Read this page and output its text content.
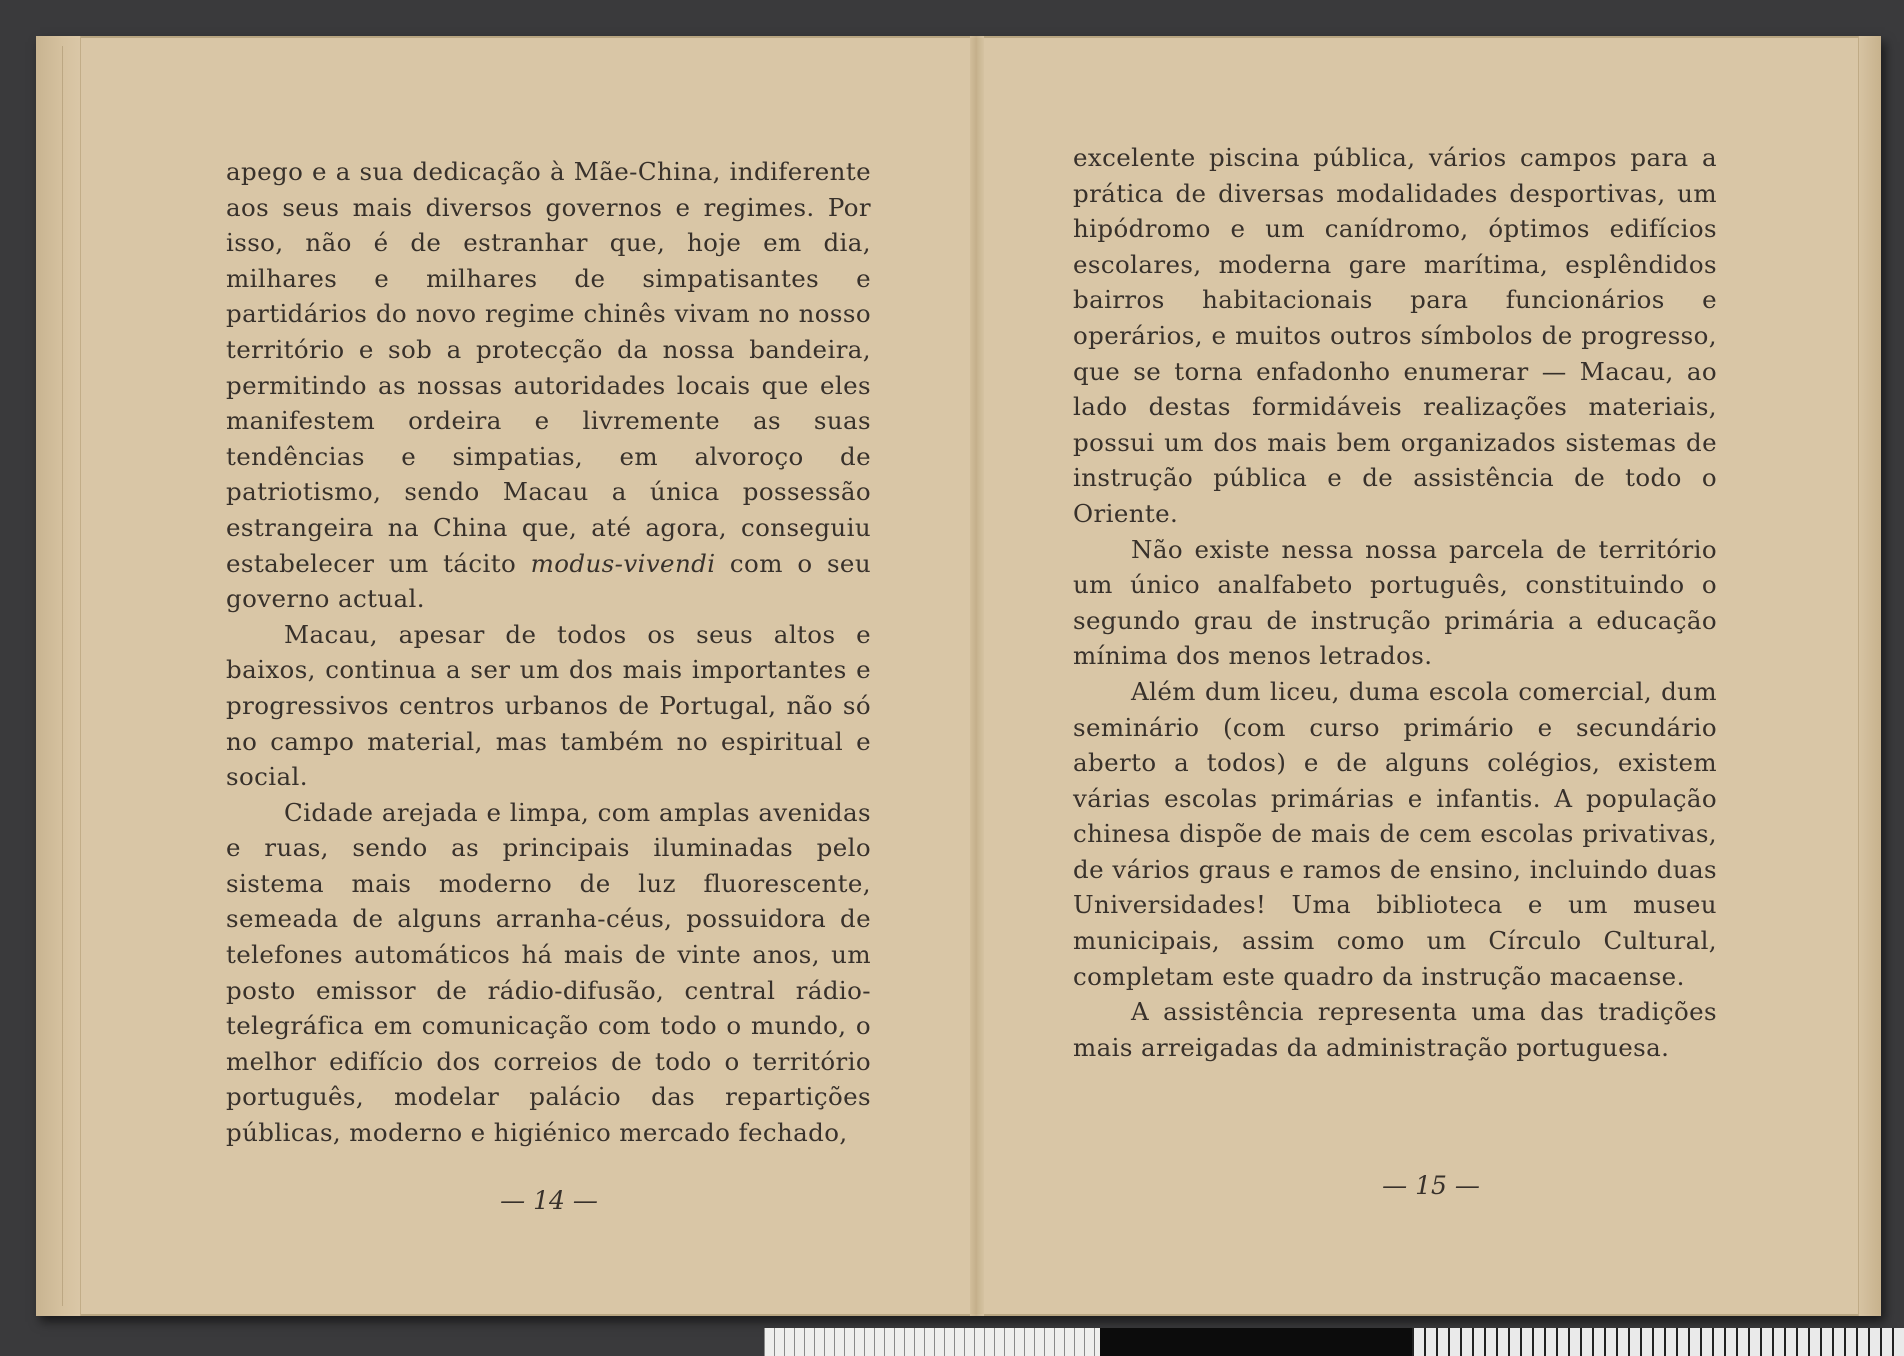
apego e a sua dedicação à Mãe-China, indiferente aos seus mais diversos governos e regimes. Por isso, não é de estranhar que, hoje em dia, milhares e milhares de simpatisantes e partidários do novo regime chinês vivam no nosso território e sob a protecção da nossa bandeira, permitindo as nossas autoridades locais que eles manifestem ordeira e livremente as suas tendências e simpatias, em alvoroço de patriotismo, sendo Macau a única possessão estrangeira na China que, até agora, conseguiu estabelecer um tácito modus-vivendi com o seu governo actual.

Macau, apesar de todos os seus altos e baixos, continua a ser um dos mais importantes e progressivos centros urbanos de Portugal, não só no campo material, mas também no espiritual e social.

Cidade arejada e limpa, com amplas avenidas e ruas, sendo as principais iluminadas pelo sistema mais moderno de luz fluorescente, semeada de alguns arranha-céus, possuidora de telefones automáticos há mais de vinte anos, um posto emissor de rádio-difusão, central rádio-telegráfica em comunicação com todo o mundo, o melhor edifício dos correios de todo o território português, modelar palácio das repartições públicas, moderno e higiénico mercado fechado,

— 14 —

excelente piscina pública, vários campos para a prática de diversas modalidades desportivas, um hipódromo e um canídromo, óptimos edifícios escolares, moderna gare marítima, esplêndidos bairros habitacionais para funcionários e operários, e muitos outros símbolos de progresso, que se torna enfadonho enumerar — Macau, ao lado destas formidáveis realizações materiais, possui um dos mais bem organizados sistemas de instrução pública e de assistência de todo o Oriente.

Não existe nessa nossa parcela de território um único analfabeto português, constituindo o segundo grau de instrução primária a educação mínima dos menos letrados.

Além dum liceu, duma escola comercial, dum seminário (com curso primário e secundário aberto a todos) e de alguns colégios, existem várias escolas primárias e infantis. A população chinesa dispõe de mais de cem escolas privativas, de vários graus e ramos de ensino, incluindo duas Universidades! Uma biblioteca e um museu municipais, assim como um Círculo Cultural, completam este quadro da instrução macaense.

A assistência representa uma das tradições mais arreigadas da administração portuguesa.

— 15 —
